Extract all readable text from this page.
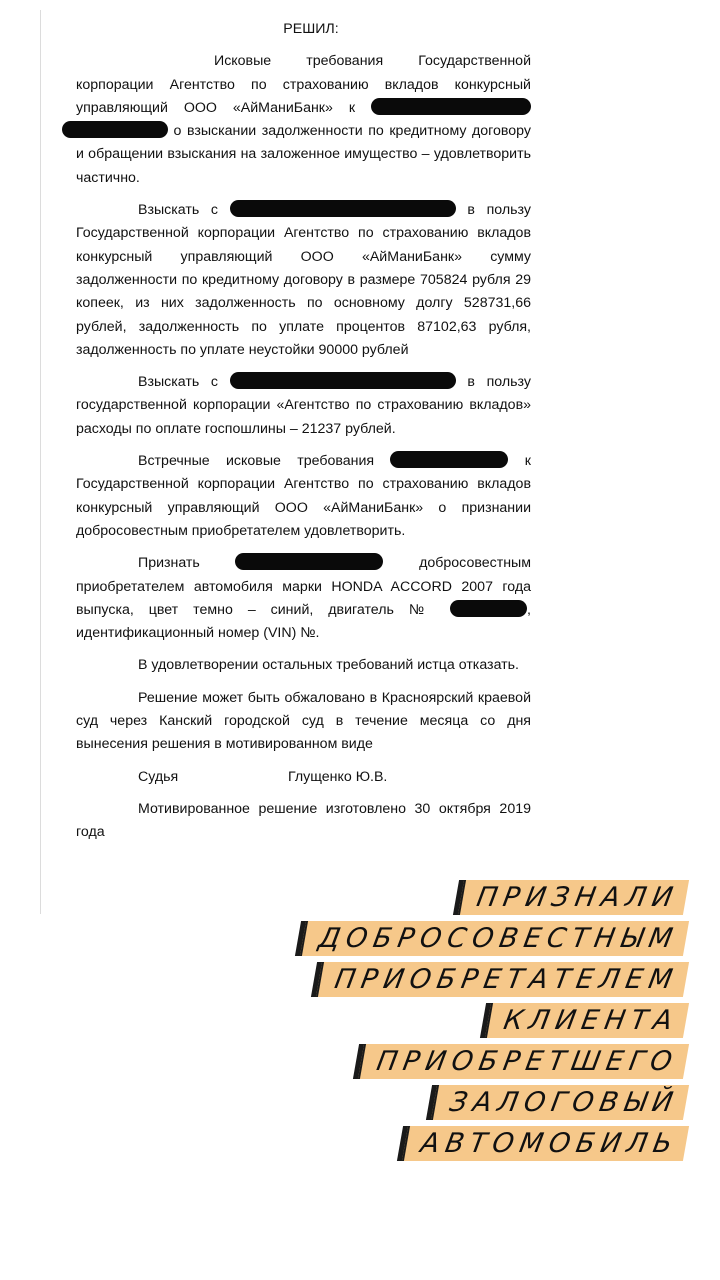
РЕШИЛ:

Исковые требования Государственной корпорации Агентство по страхованию вкладов конкурсный управляющий ООО «АйМаниБанк» к   о взыскании задолженности по кредитному договору и обращении взыскания на заложенное имущество – удовлетворить частично.

Взыскать с	в пользу Государственной корпорации Агентство по страхованию вкладов конкурсный управляющий ООО «АйМаниБанк» сумму задолженности по кредитному договору в размере 705824 рубля 29 копеек, из них задолженность по основному долгу 528731,66 рублей, задолженность по уплате процентов 87102,63 рубля, задолженность по уплате неустойки 90000 рублей

Взыскать с	в пользу государственной корпорации «Агентство по страхованию вкладов» расходы по оплате госпошлины – 21237 рублей.

Встречные исковые требования	к Государственной корпорации Агентство по страхованию вкладов конкурсный управляющий ООО «АйМаниБанк» о признании добросовестным приобретателем удовлетворить.

Признать	добросовестным приобретателем автомобиля марки HONDA ACCORD 2007 года выпуска, цвет темно – синий, двигатель №	, идентификационный номер (VIN) №.

В удовлетворении остальных требований истца отказать.

Решение может быть обжаловано в Красноярский краевой суд через Канский городской суд в течение месяца со дня вынесения решения в мотивированном виде

Судья	Глущенко Ю.В.

Мотивированное решение изготовлено 30 октября 2019 года

ПРИЗНАЛИ
ДОБРОСОВЕСТНЫМ
ПРИОБРЕТАТЕЛЕМ
КЛИЕНТА
ПРИОБРЕТШЕГО
ЗАЛОГОВЫЙ
АВТОМОБИЛЬ
